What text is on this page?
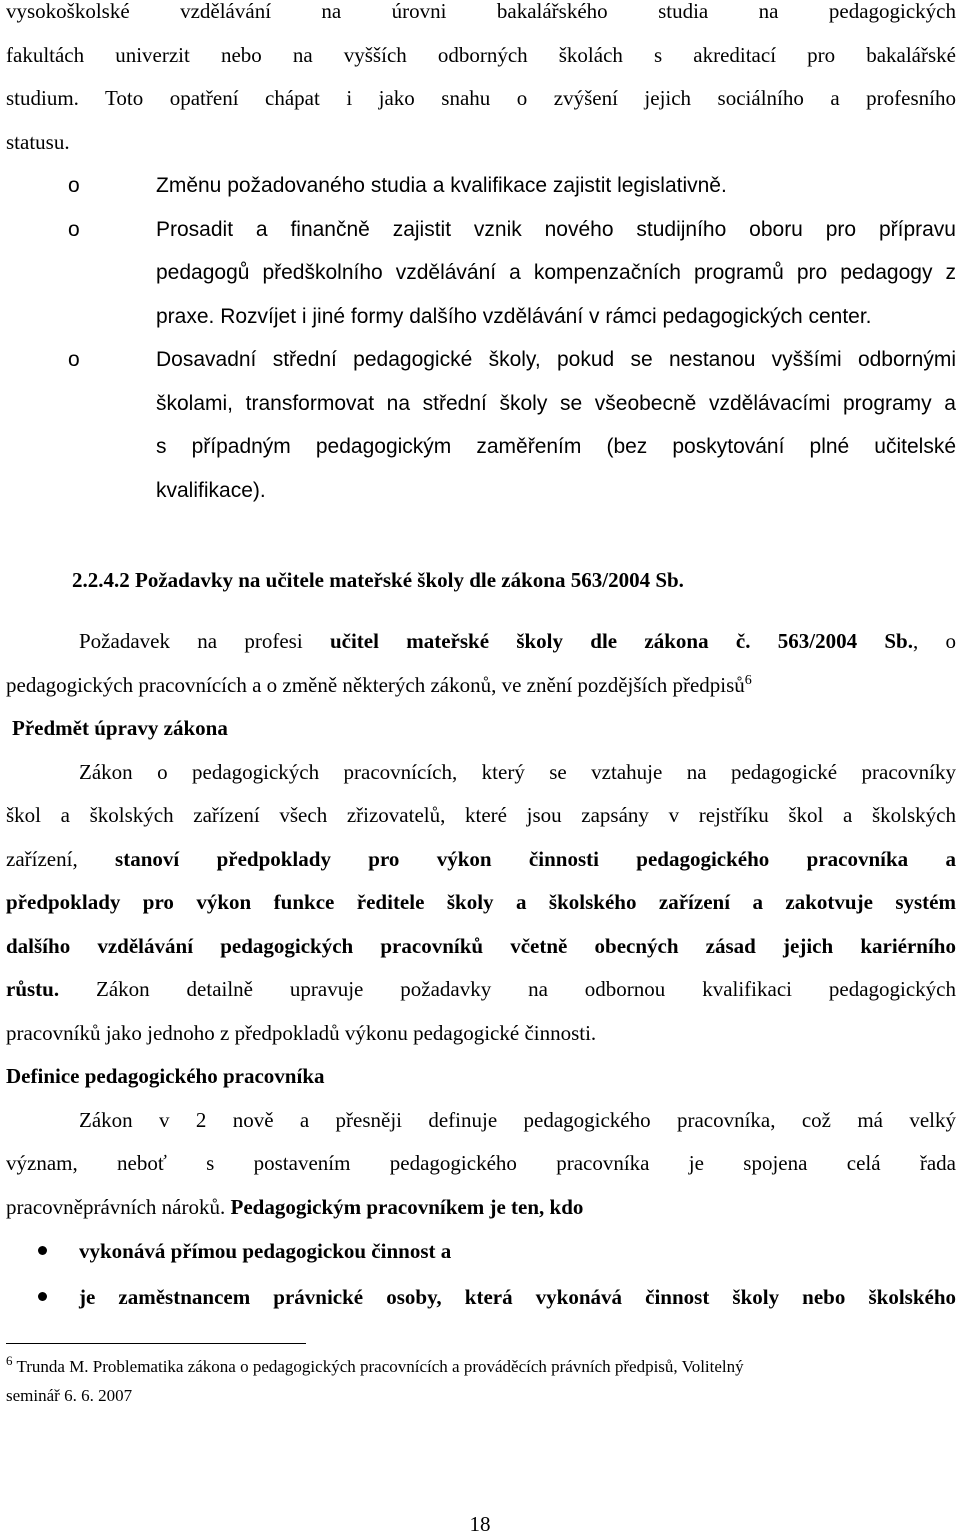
vysokoškolské vzdělávání na úrovni bakalářského studia na pedagogických
fakultách univerzit nebo na vyšších odborných školách s akreditací pro bakalářské
studium. Toto opatření chápat i jako snahu o zvýšení jejich sociálního a profesního
statusu.
o	Změnu požadovaného studia a kvalifikace zajistit legislativně.
o	Prosadit a finančně zajistit vznik nového studijního oboru pro přípravu
pedagogů předškolního vzdělávání a kompenzačních programů pro pedagogy z
praxe. Rozvíjet i jiné formy dalšího vzdělávání v rámci pedagogických center.
o	Dosavadní střední pedagogické školy, pokud se nestanou vyššími odbornými
školami, transformovat na střední školy se všeobecně vzdělávacími programy a
s případným pedagogickým zaměřením (bez poskytování plné učitelské
kvalifikace).
2.2.4.2 Požadavky na učitele mateřské školy dle zákona 563/2004 Sb.
Požadavek na profesi učitel mateřské školy dle zákona č. 563/2004 Sb., o
pedagogických pracovnících a o změně některých zákonů, ve znění pozdějších předpisů$^6$
Předmět úpravy zákona
Zákon o pedagogických pracovnících, který se vztahuje na pedagogické pracovníky
škol a školských zařízení všech zřizovatelů, které jsou zapsány v rejstříku škol a školských
zařízení, stanoví předpoklady pro výkon činnosti pedagogického pracovníka a
předpoklady pro výkon funkce ředitele školy a školského zařízení a zakotvuje systém
dalšího vzdělávání pedagogických pracovníků včetně obecných zásad jejich kariérního
růstu. Zákon detailně upravuje požadavky na odbornou kvalifikaci pedagogických
pracovníků jako jednoho z předpokladů výkonu pedagogické činnosti.
Definice pedagogického pracovníka
Zákon v 2 nově a přesněji definuje pedagogického pracovníka, což má velký
význam, neboť s postavením pedagogického pracovníka je spojena celá řada
pracovněprávních nároků. Pedagogickým pracovníkem je ten, kdo
vykonává přímou pedagogickou činnost a
je zaměstnancem právnické osoby, která vykonává činnost školy nebo školského
$^6$ Trunda M. Problematika zákona o pedagogických pracovnících a prováděcích právních předpisů, Volitelný
seminář 6. 6. 2007
18
